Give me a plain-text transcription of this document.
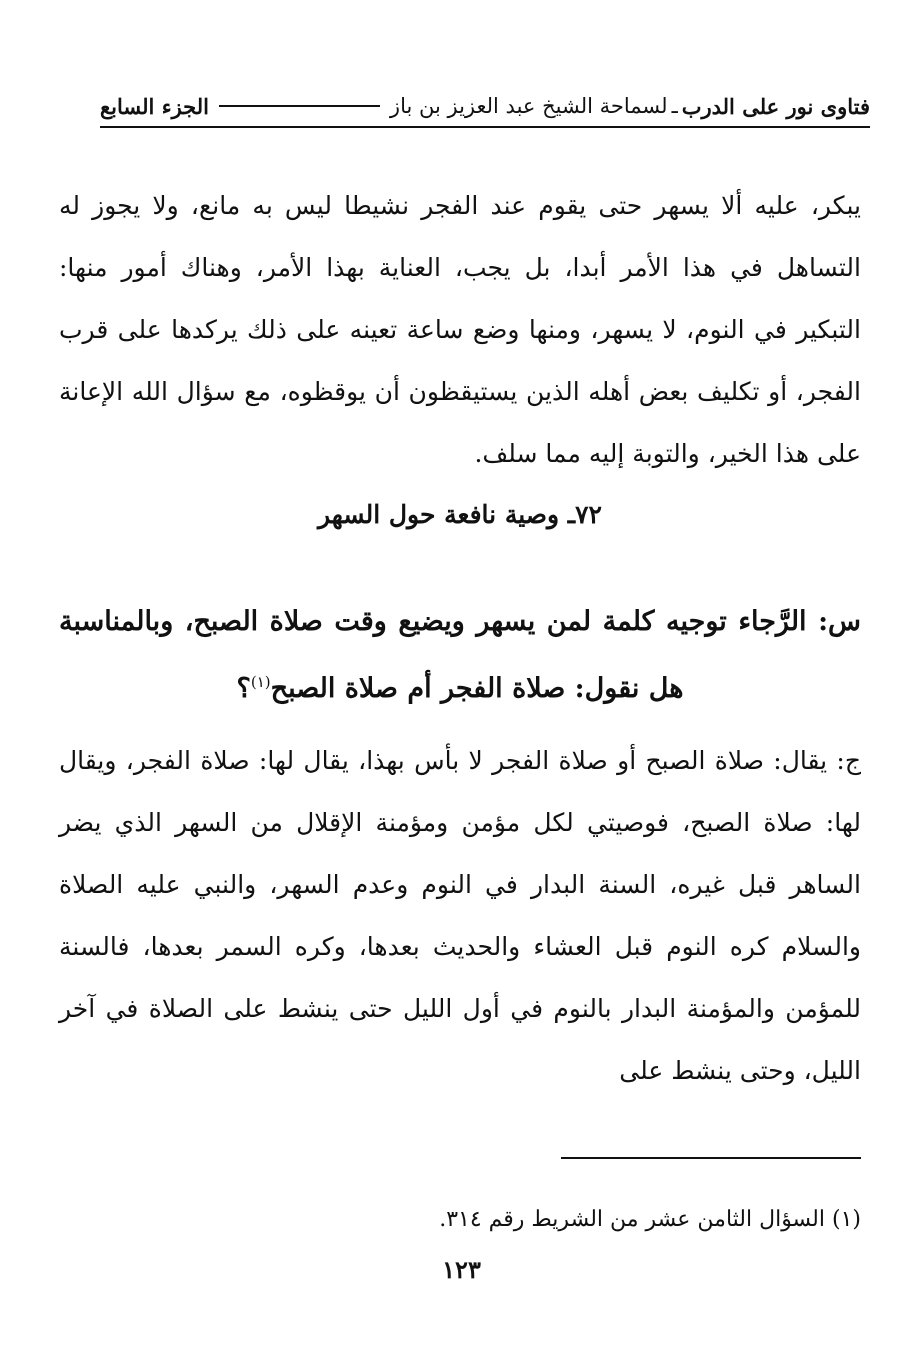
فتاوى نور على الدرب
ـ
لسماحة الشيخ عبد العزيز بن باز
الجزء السابع

يبكر، عليه ألا يسهر حتى يقوم عند الفجر نشيطا ليس به مانع، ولا يجوز له التساهل في هذا الأمر أبدا، بل يجب، العناية بهذا الأمر، وهناك أمور منها: التبكير في النوم، لا يسهر، ومنها وضع ساعة تعينه على ذلك يركدها على قرب الفجر، أو تكليف بعض أهله الذين يستيقظون أن يوقظوه، مع سؤال الله الإعانة على هذا الخير، والتوبة إليه مما سلف.

٧٢ـ وصية نافعة حول السهر

س: الرَّجاء توجيه كلمة لمن يسهر ويضيع وقت صلاة الصبح، وبالمناسبة هل نقول: صلاة الفجر أم صلاة الصبح$^{(١)}$؟

ج: يقال: صلاة الصبح أو صلاة الفجر لا بأس بهذا، يقال لها: صلاة الفجر، ويقال لها: صلاة الصبح، فوصيتي لكل مؤمن ومؤمنة الإقلال من السهر الذي يضر الساهر قبل غيره، السنة البدار في النوم وعدم السهر، والنبي عليه الصلاة والسلام كره النوم قبل العشاء والحديث بعدها، وكره السمر بعدها، فالسنة للمؤمن والمؤمنة البدار بالنوم في أول الليل حتى ينشط على الصلاة في آخر الليل، وحتى ينشط على

(١) السؤال الثامن عشر من الشريط رقم ٣١٤.

١٢٣
